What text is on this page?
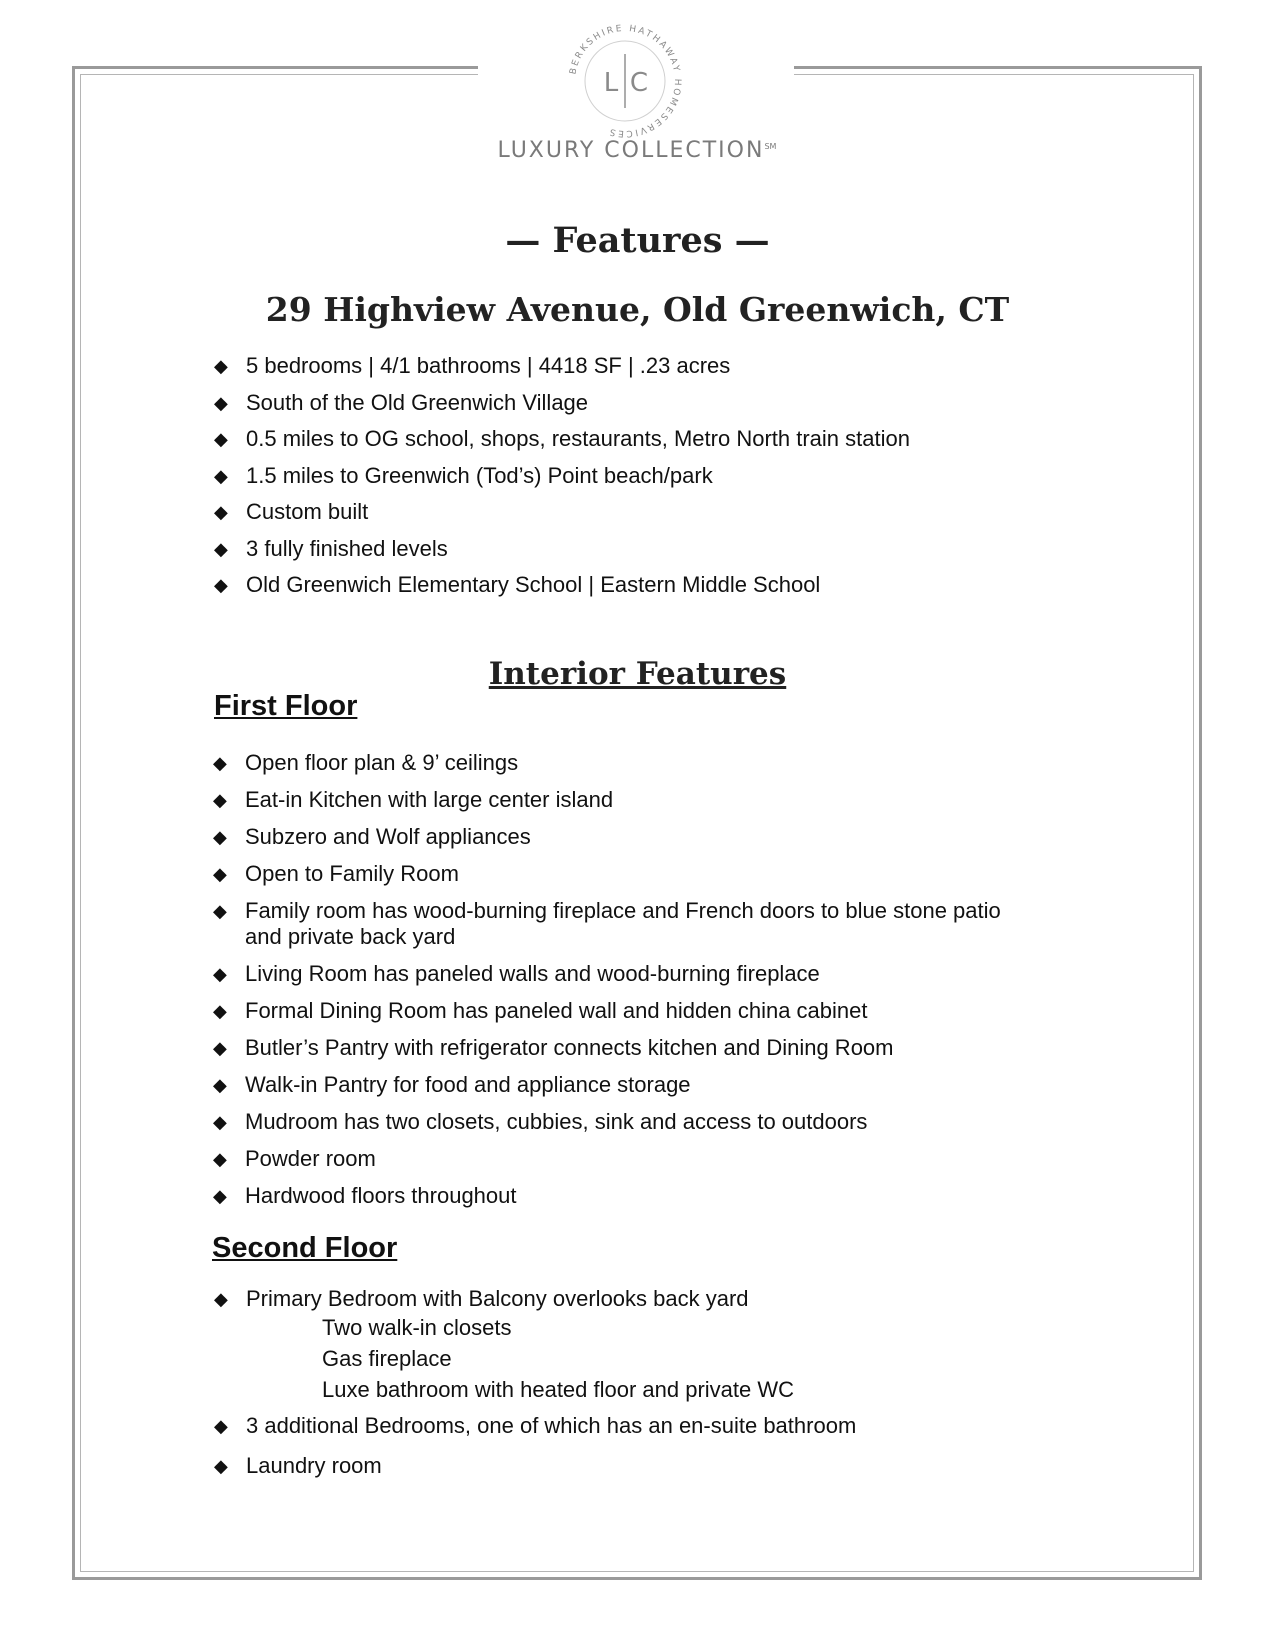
BERKSHIRE HATHAWAY HOMESERVICES
L C
LUXURY COLLECTION℠
— Features —
29 Highview Avenue, Old Greenwich, CT
◆ 5 bedrooms | 4/1 bathrooms | 4418 SF | .23 acres
◆ South of the Old Greenwich Village
◆ 0.5 miles to OG school, shops, restaurants, Metro North train station
◆ 1.5 miles to Greenwich (Tod’s) Point beach/park
◆ Custom built
◆ 3 fully finished levels
◆ Old Greenwich Elementary School | Eastern Middle School
Interior Features
First Floor
◆ Open floor plan & 9’ ceilings
◆ Eat-in Kitchen with large center island
◆ Subzero and Wolf appliances
◆ Open to Family Room
◆ Family room has wood-burning fireplace and French doors to blue stone patio and private back yard
◆ Living Room has paneled walls and wood-burning fireplace
◆ Formal Dining Room has paneled wall and hidden china cabinet
◆ Butler’s Pantry with refrigerator connects kitchen and Dining Room
◆ Walk-in Pantry for food and appliance storage
◆ Mudroom has two closets, cubbies, sink and access to outdoors
◆ Powder room
◆ Hardwood floors throughout
Second Floor
◆ Primary Bedroom with Balcony overlooks back yard
Two walk-in closets
Gas fireplace
Luxe bathroom with heated floor and private WC
◆ 3 additional Bedrooms, one of which has an en-suite bathroom
◆ Laundry room
